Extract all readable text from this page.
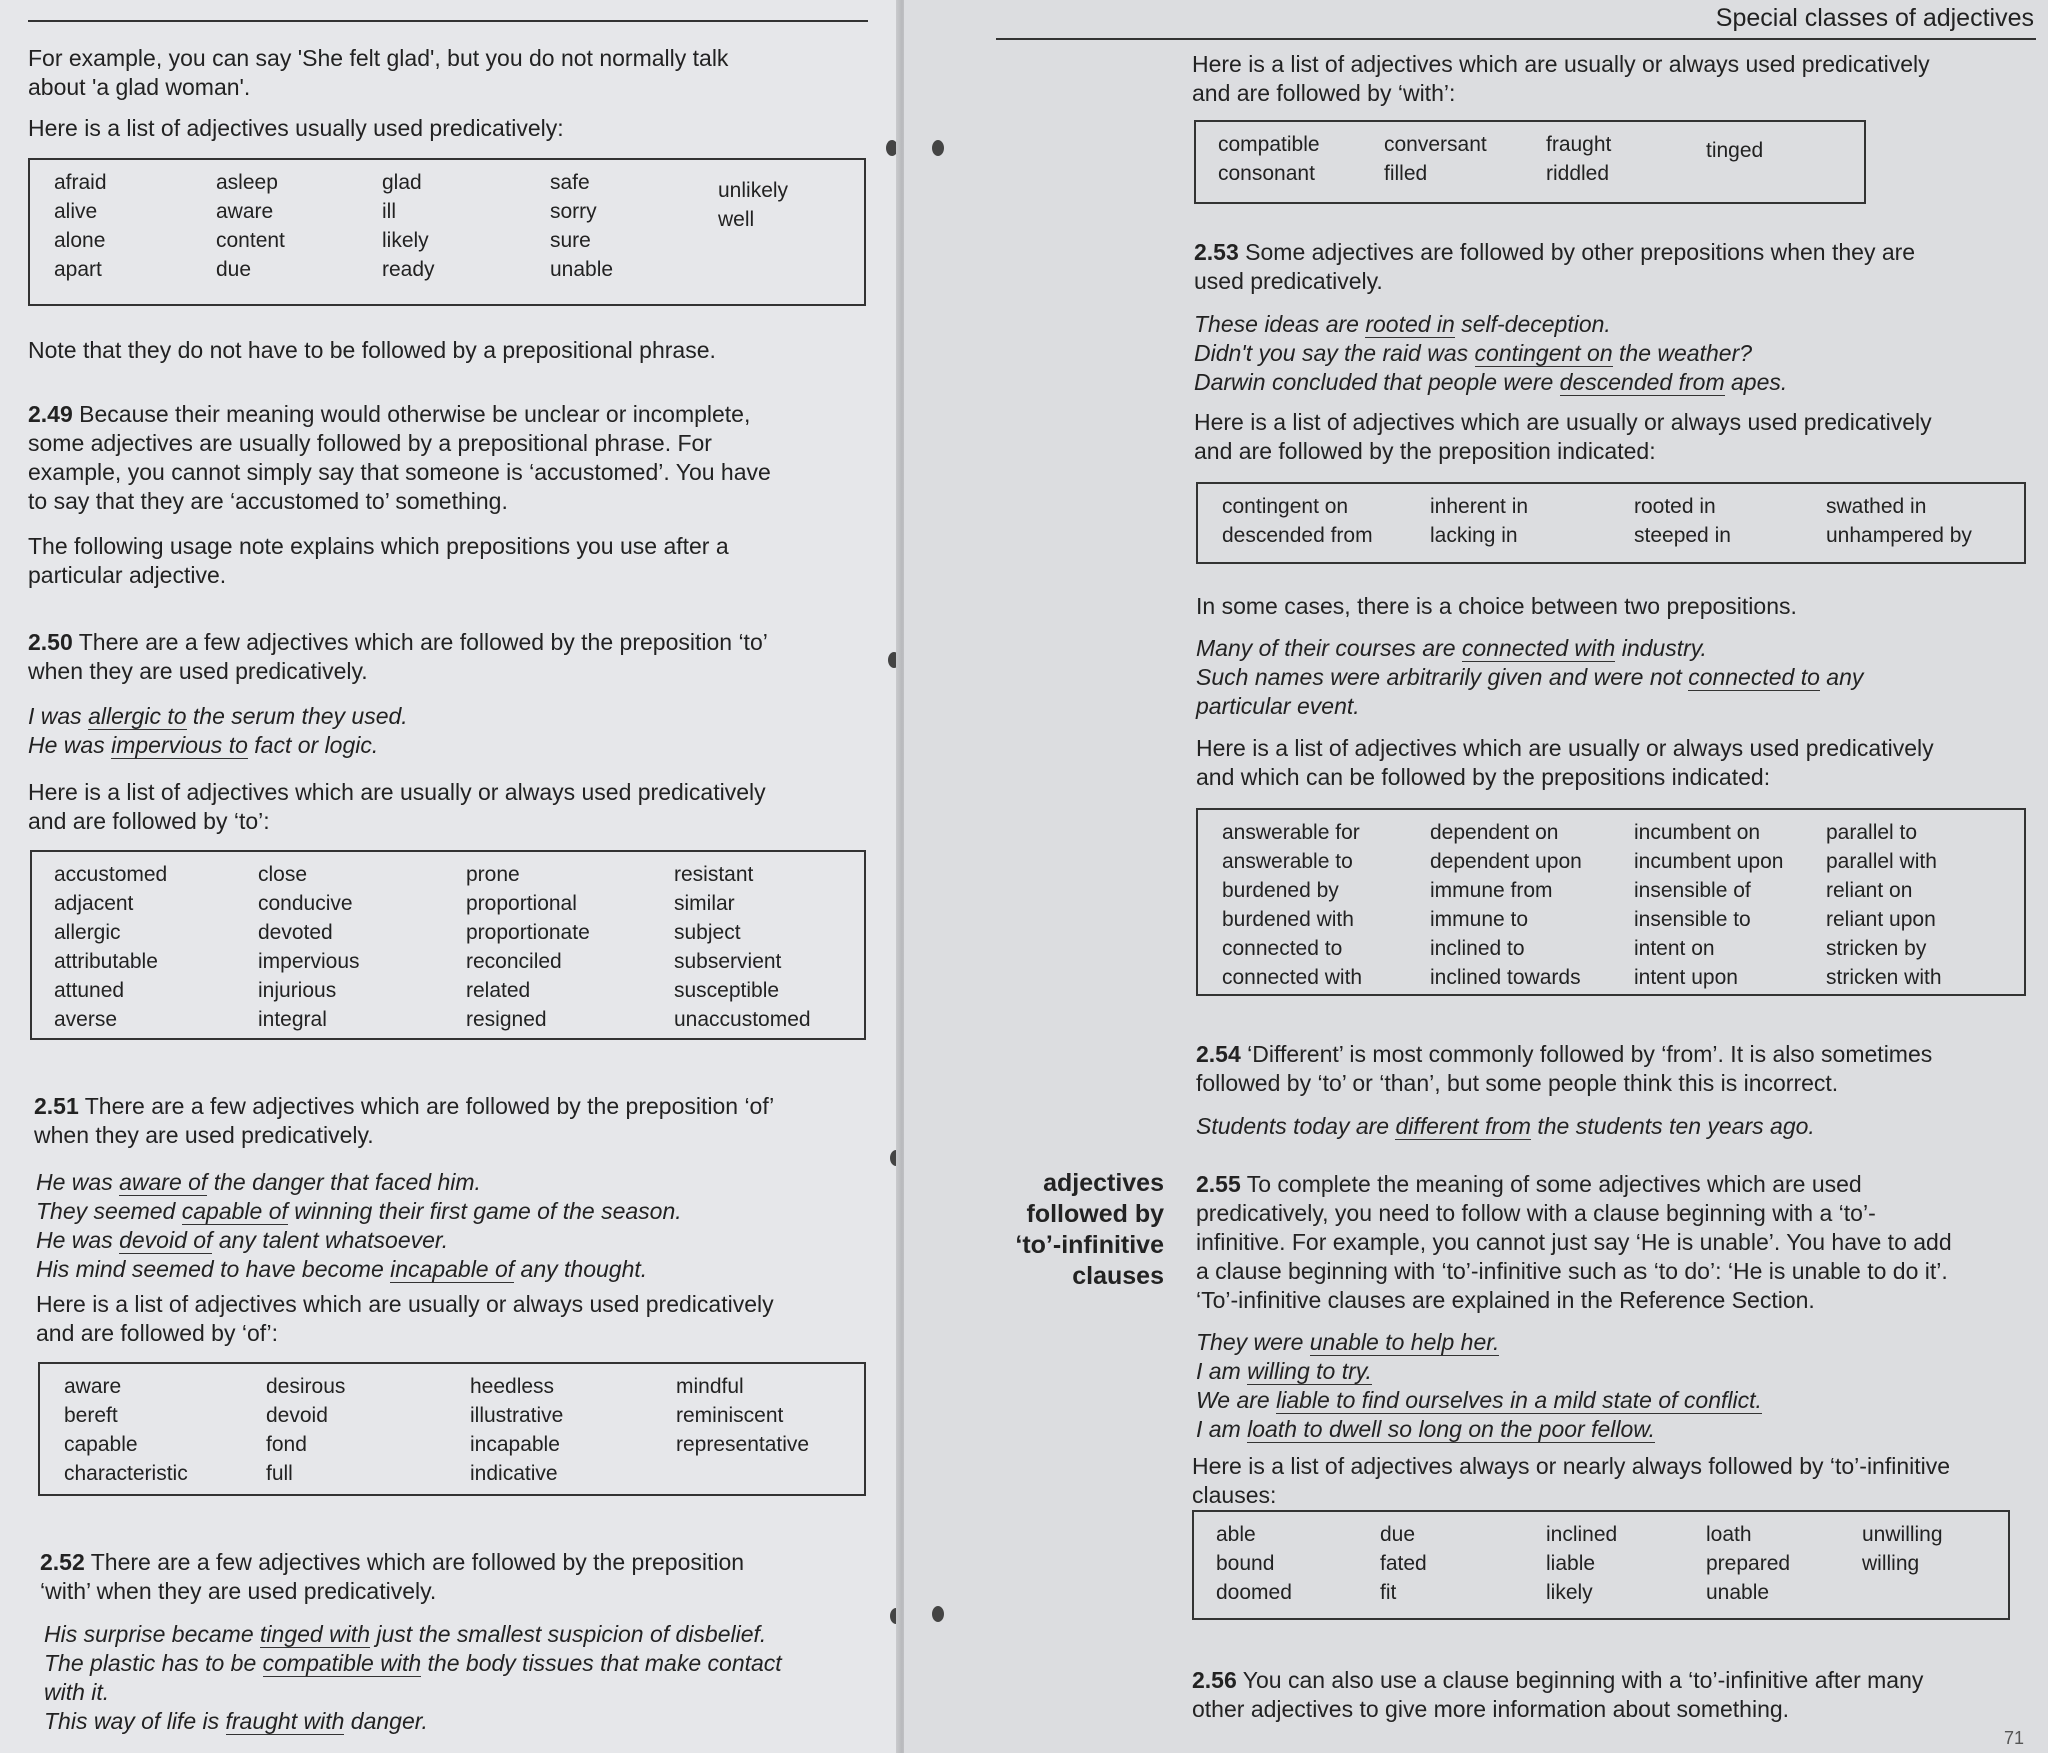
For example, you can say 'She felt glad', but you do not normally talk

about 'a glad woman'.

Here is a list of adjectives usually used predicatively:
afraid
alive
alone
apart
asleep
aware
content
due
glad
ill
likely
ready
safe
sorry
sure
unable
unlikely
well
Note that they do not have to be followed by a prepositional phrase.

2.49 Because their meaning would otherwise be unclear or incomplete,

some adjectives are usually followed by a prepositional phrase. For

example, you cannot simply say that someone is ‘accustomed’. You have

to say that they are ‘accustomed to’ something.

The following usage note explains which prepositions you use after a

particular adjective.

2.50 There are a few adjectives which are followed by the preposition ‘to’

when they are used predicatively.

I was allergic to the serum they used.

He was impervious to fact or logic.

Here is a list of adjectives which are usually or always used predicatively

and are followed by ‘to’:

accustomed
adjacent
allergic
attributable
attuned
averse
close
conducive
devoted
impervious
injurious
integral
prone
proportional
proportionate
reconciled
related
resigned
resistant
similar
subject
subservient
susceptible
unaccustomed

2.51 There are a few adjectives which are followed by the preposition ‘of’

when they are used predicatively.

He was aware of the danger that faced him.

They seemed capable of winning their first game of the season.

He was devoid of any talent whatsoever.

His mind seemed to have become incapable of any thought.

Here is a list of adjectives which are usually or always used predicatively

and are followed by ‘of’:

aware
bereft
capable
characteristic
desirous
devoid
fond
full
heedless
illustrative
incapable
indicative
mindful
reminiscent
representative

2.52 There are a few adjectives which are followed by the preposition

‘with’ when they are used predicatively.

His surprise became tinged with just the smallest suspicion of disbelief.

The plastic has to be compatible with the body tissues that make contact

with it.

This way of life is fraught with danger.

Special classes of adjectives

Here is a list of adjectives which are usually or always used predicatively

and are followed by ‘with’:

compatible
consonant
conversant
filled
fraught
riddled
tinged

2.53 Some adjectives are followed by other prepositions when they are

used predicatively.

These ideas are rooted in self-deception.

Didn't you say the raid was contingent on the weather?

Darwin concluded that people were descended from apes.

Here is a list of adjectives which are usually or always used predicatively

and are followed by the preposition indicated:

contingent on
descended from
inherent in
lacking in
rooted in
steeped in
swathed in
unhampered by
In some cases, there is a choice between two prepositions.

Many of their courses are connected with industry.

Such names were arbitrarily given and were not connected to any

particular event.

Here is a list of adjectives which are usually or always used predicatively

and which can be followed by the prepositions indicated:

answerable for
answerable to
burdened by
burdened with
connected to
connected with
dependent on
dependent upon
immune from
immune to
inclined to
inclined towards
incumbent on
incumbent upon
insensible of
insensible to
intent on
intent upon
parallel to
parallel with
reliant on
reliant upon
stricken by
stricken with

2.54 ‘Different’ is most commonly followed by ‘from’. It is also sometimes

followed by ‘to’ or ‘than’, but some people think this is incorrect.

Students today are different from the students ten years ago.

adjectives
followed by
‘to’-infinitive
clauses

2.55 To complete the meaning of some adjectives which are used

predicatively, you need to follow with a clause beginning with a ‘to’-

infinitive. For example, you cannot just say ‘He is unable’. You have to add

a clause beginning with ‘to’-infinitive such as ‘to do’: ‘He is unable to do it’.

‘To’-infinitive clauses are explained in the Reference Section.

They were unable to help her.

I am willing to try.

We are liable to find ourselves in a mild state of conflict.

I am loath to dwell so long on the poor fellow.

Here is a list of adjectives always or nearly always followed by ‘to’-infinitive

clauses:

able
bound
doomed
due
fated
fit
inclined
liable
likely
loath
prepared
unable
unwilling
willing

2.56 You can also use a clause beginning with a ‘to’-infinitive after many

other adjectives to give more information about something.

71
